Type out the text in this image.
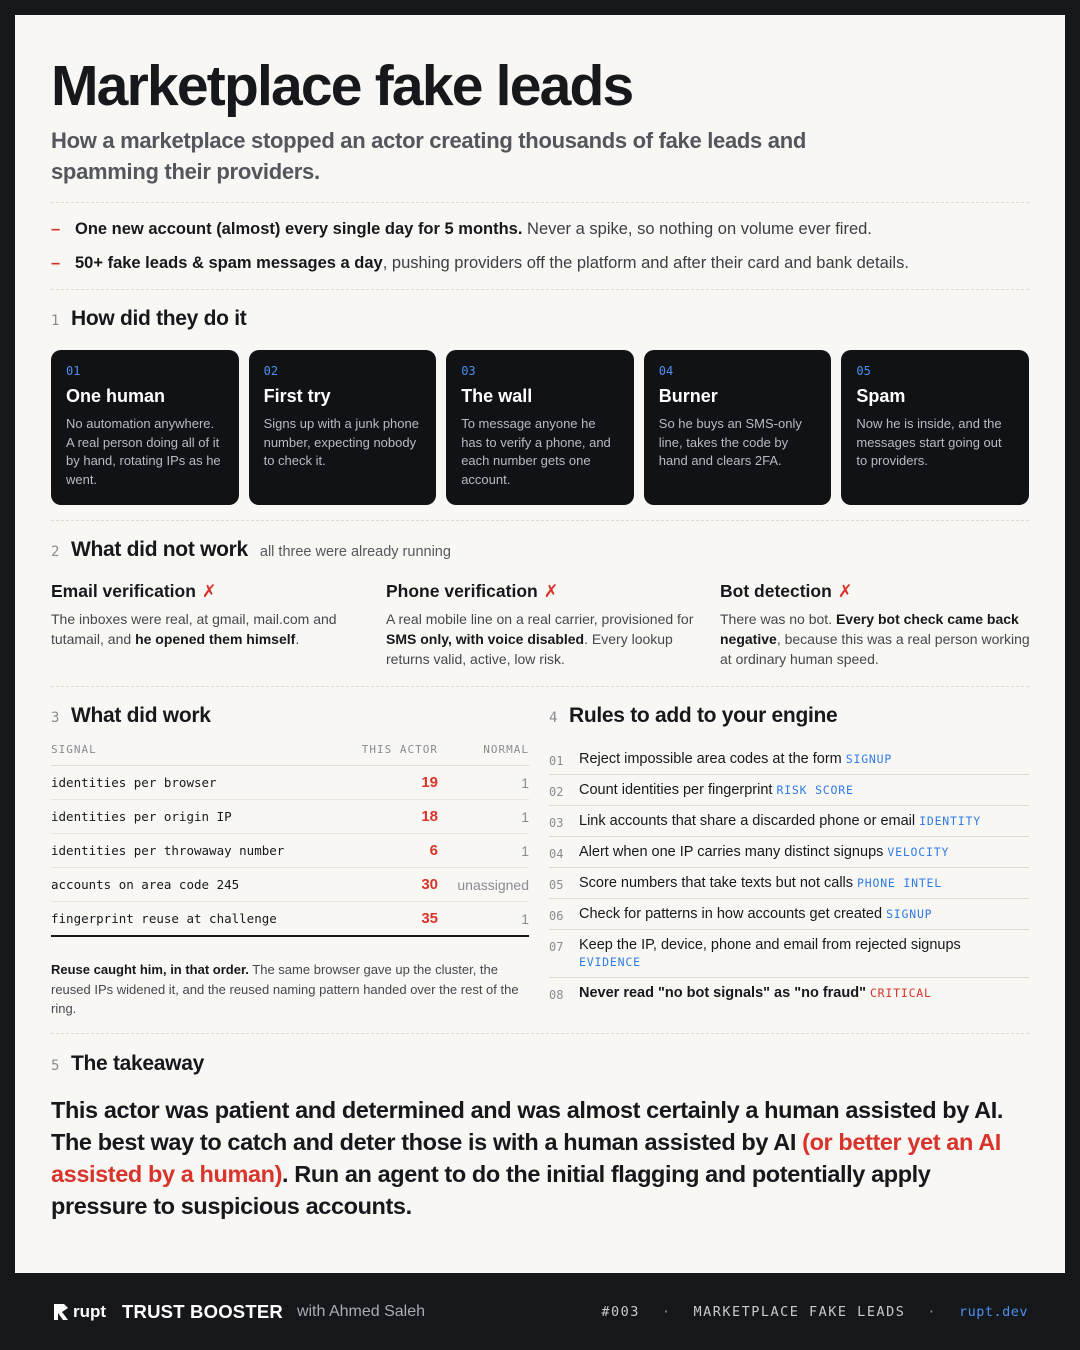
Marketplace fake leads
How a marketplace stopped an actor creating thousands of fake leads and spamming their providers.
– One new account (almost) every single day for 5 months. Never a spike, so nothing on volume ever fired.
– 50+ fake leads & spam messages a day, pushing providers off the platform and after their card and bank details.
1 How did they do it
01
One human
No automation anywhere. A real person doing all of it by hand, rotating IPs as he went.
02
First try
Signs up with a junk phone number, expecting nobody to check it.
03
The wall
To message anyone he has to verify a phone, and each number gets one account.
04
Burner
So he buys an SMS-only line, takes the code by hand and clears 2FA.
05
Spam
Now he is inside, and the messages start going out to providers.
2 What did not work all three were already running
Email verification ✗
The inboxes were real, at gmail, mail.com and tutamail, and he opened them himself.
Phone verification ✗
A real mobile line on a real carrier, provisioned for SMS only, with voice disabled. Every lookup returns valid, active, low risk.
Bot detection ✗
There was no bot. Every bot check came back negative, because this was a real person working at ordinary human speed.
3 What did work
SIGNAL	THIS ACTOR	NORMAL
identities per browser	19	1
identities per origin IP	18	1
identities per throwaway number	6	1
accounts on area code 245	30	unassigned
fingerprint reuse at challenge	35	1
Reuse caught him, in that order. The same browser gave up the cluster, the reused IPs widened it, and the reused naming pattern handed over the rest of the ring.
4 Rules to add to your engine
01	Reject impossible area codes at the form SIGNUP
02	Count identities per fingerprint RISK SCORE
03	Link accounts that share a discarded phone or email IDENTITY
04	Alert when one IP carries many distinct signups VELOCITY
05	Score numbers that take texts but not calls PHONE INTEL
06	Check for patterns in how accounts get created SIGNUP
07	Keep the IP, device, phone and email from rejected signups
EVIDENCE
08	Never read "no bot signals" as "no fraud" CRITICAL
5 The takeaway
This actor was patient and determined and was almost certainly a human assisted by AI. The best way to catch and deter those is with a human assisted by AI (or better yet an AI assisted by a human). Run an agent to do the initial flagging and potentially apply pressure to suspicious accounts.
rupt TRUST BOOSTER with Ahmed Saleh	#003 · MARKETPLACE FAKE LEADS · rupt.dev
